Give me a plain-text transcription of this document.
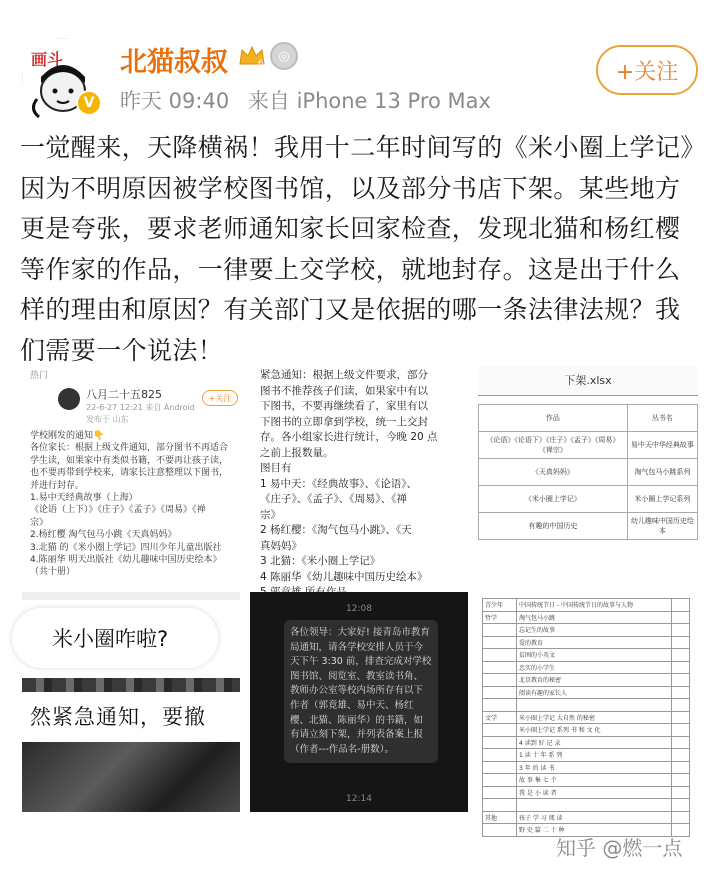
画斗
V
北猫叔叔	6
◎
昨天 09:40 来自 iPhone 13 Pro Max
+关注
一觉醒来，天降横祸！我用十二年时间写的《米小圈上学记》因为不明原因被学校图书馆，以及部分书店下架。某些地方更是夸张，要求老师通知家长回家检查，发现北猫和杨红樱等作家的作品，一律要上交学校，就地封存。这是出于什么样的理由和原因？有关部门又是依据的哪一条法律法规？我们需要一个说法！
热门
八月二十五825
22-6-27 12:21 来自 Android
发布于 山东
+关注
学校刚发的通知👇
各位家长：根据上级文件通知，部分图书不再适合
学生读，如果家中有类似书籍，不要再让孩子读，
也不要再带到学校来，请家长注意整理以下图书，
并进行封存。
1.易中天经典故事（上海）
《论语（上下）》《庄子》《孟子》《周易》《禅
宗》
2.杨红樱 淘气包马小跳《天真妈妈》
3.北猫 的《米小圈上学记》四川少年儿童出版社
4.陈丽华 明天出版社《幼儿趣味中国历史绘本》
（共十册）
紧急通知：根据上级文件要求，部分
图书不推荐孩子们读，如果家中有以
下图书，不要再继续看了，家里有以
下图书的立即拿到学校，统一上交封
存。各小组家长进行统计，今晚 20 点
之前上报数量。
图目有
1 易中天：《经典故事》、《论语》、
《庄子》、《孟子》、《周易》、《禅
宗》
2 杨红樱：《淘气包马小跳》、《天
真妈妈》
3 北猫：《米小圈上学记》
4 陈丽华《幼儿趣味中国历史绘本》
下架.xlsx
作品	丛书名
《论语》《论语下》《庄子》《孟子》《周易》《禅宗》	易中天中华经典故事
《天真妈妈》	淘气包马小跳系列
《米小圈上学记》	米小圈上学记系列
有趣的中国历史	幼儿趣味中国历史绘本
米小圈咋啦?
然紧急通知，要撤
12:08
各位领导：大家好! 接青岛市教育局通知，请各学校安排人员于今天下午 3:30 前，排查完成对学校图书馆、阅览室、教室读书角、教师办公室等校内场所存有以下作者（郭竟雄、易中天、杨红樱、北猫、陈丽华）的书籍，如有请立刻下架，并列表备案上报（作者---作品名-册数）。
12:14
青少年	中国传统节日 - 中国传统节日的故事与人物	
哲学	淘气包马小跳	
	忘记生的故事	
	爱的教育	
	贫困的小英文	
	忠实的小学生	
	北京教育的秘密	
	阅读有趣的家长人	

文学	米小圈上学记 大自然 的秘密	
	米小圈上学记 系列 书 和 文 化	
	4 读到 好 记 录	
	1 读 十 年 系 列	
	3 年 的 读 书	
	故 事 集 七 个	
	我 是 小 读 者	

其他	孩子 学 习 阅 读	
	野 史 篇 二 十 种	
知乎 @燃一点
